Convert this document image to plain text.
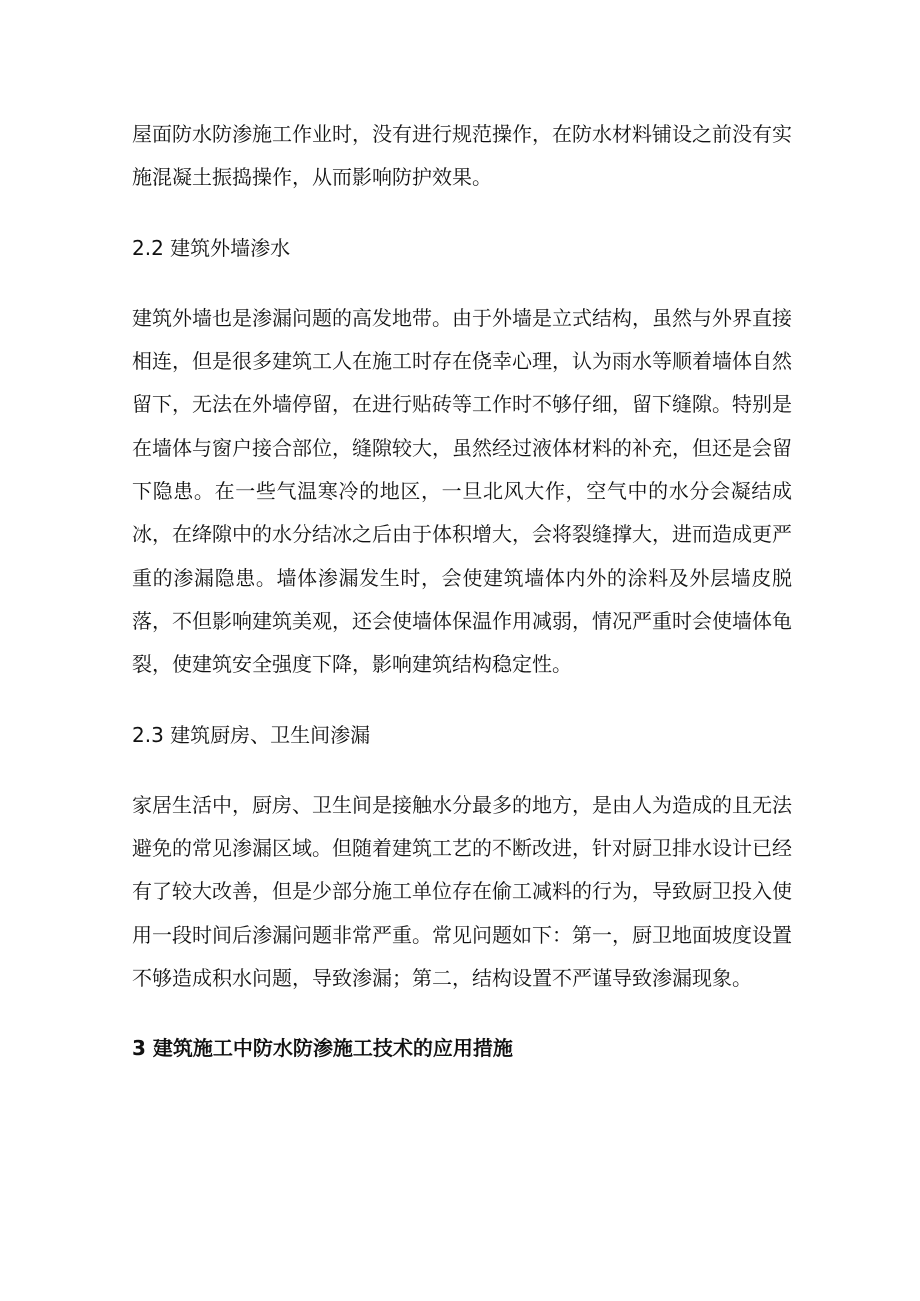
屋面防水防渗施工作业时，没有进行规范操作，在防水材料铺设之前没有实施混凝土振捣操作，从而影响防护效果。

2.2 建筑外墙渗水

建筑外墙也是渗漏问题的高发地带。由于外墙是立式结构，虽然与外界直接相连，但是很多建筑工人在施工时存在侥幸心理，认为雨水等顺着墙体自然留下，无法在外墙停留，在进行贴砖等工作时不够仔细，留下缝隙。特别是在墙体与窗户接合部位，缝隙较大，虽然经过液体材料的补充，但还是会留下隐患。在一些气温寒冷的地区，一旦北风大作，空气中的水分会凝结成冰，在绛隙中的水分结冰之后由于体积增大，会将裂缝撑大，进而造成更严重的渗漏隐患。墙体渗漏发生时，会使建筑墙体内外的涂料及外层墙皮脱落，不但影响建筑美观，还会使墙体保温作用减弱，情况严重时会使墙体龟裂，使建筑安全强度下降，影响建筑结构稳定性。

2.3 建筑厨房、卫生间渗漏

家居生活中，厨房、卫生间是接触水分最多的地方，是由人为造成的且无法避免的常见渗漏区域。但随着建筑工艺的不断改进，针对厨卫排水设计已经有了较大改善，但是少部分施工单位存在偷工减料的行为，导致厨卫投入使用一段时间后渗漏问题非常严重。常见问题如下：第一，厨卫地面坡度设置不够造成积水问题，导致渗漏；第二，结构设置不严谨导致渗漏现象。

3 建筑施工中防水防渗施工技术的应用措施
